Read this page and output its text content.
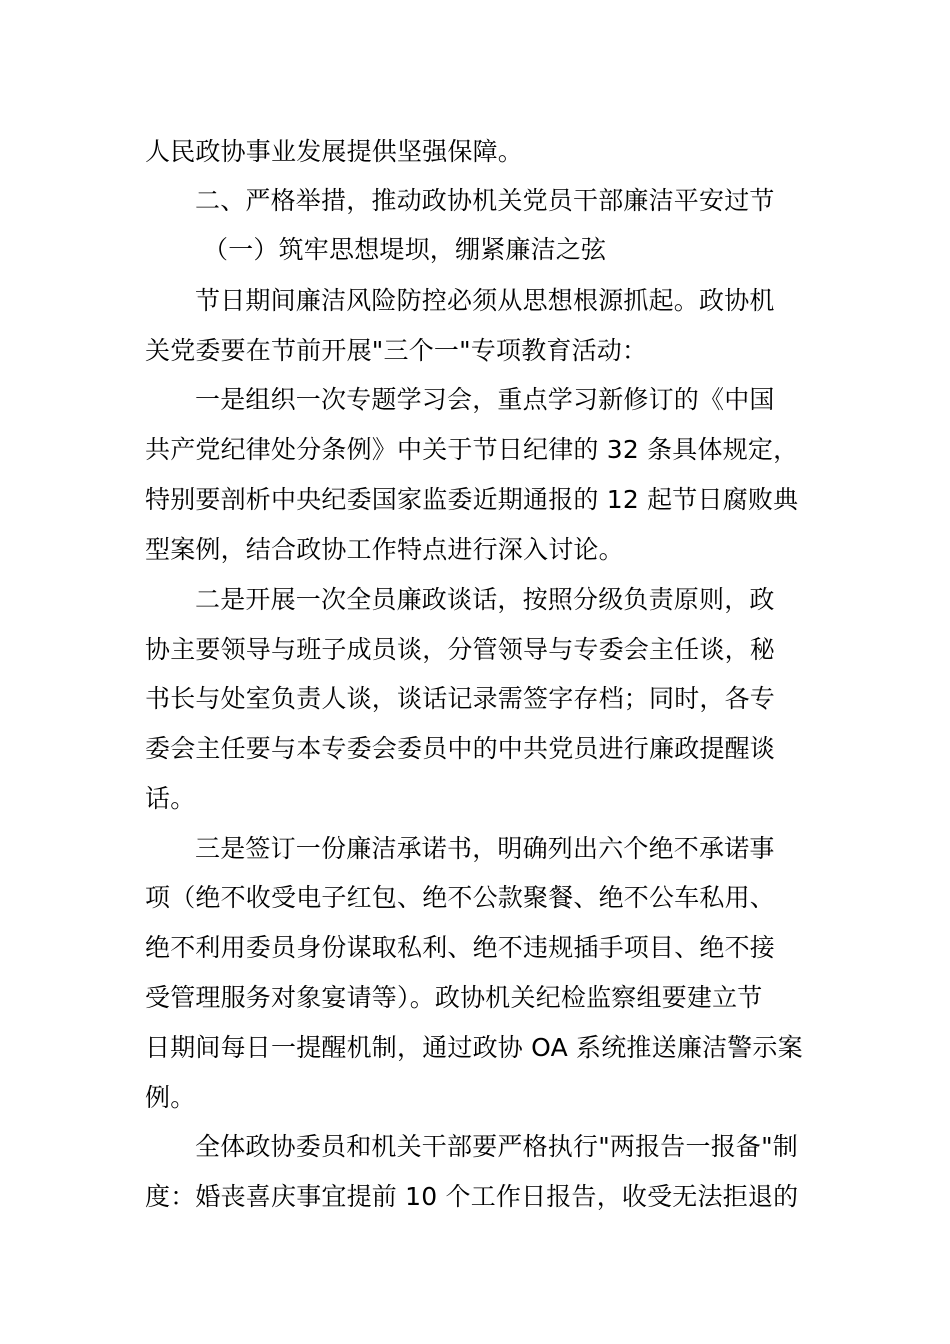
人民政协事业发展提供坚强保障。
二、严格举措，推动政协机关党员干部廉洁平安过节
（一）筑牢思想堤坝，绷紧廉洁之弦
节日期间廉洁风险防控必须从思想根源抓起。政协机
关党委要在节前开展"三个一"专项教育活动：
一是组织一次专题学习会，重点学习新修订的《中国
共产党纪律处分条例》中关于节日纪律的 32 条具体规定，
特别要剖析中央纪委国家监委近期通报的 12 起节日腐败典
型案例，结合政协工作特点进行深入讨论。
二是开展一次全员廉政谈话，按照分级负责原则，政
协主要领导与班子成员谈，分管领导与专委会主任谈，秘
书长与处室负责人谈，谈话记录需签字存档；同时，各专
委会主任要与本专委会委员中的中共党员进行廉政提醒谈
话。
三是签订一份廉洁承诺书，明确列出六个绝不承诺事
项（绝不收受电子红包、绝不公款聚餐、绝不公车私用、
绝不利用委员身份谋取私利、绝不违规插手项目、绝不接
受管理服务对象宴请等）。政协机关纪检监察组要建立节
日期间每日一提醒机制，通过政协 OA 系统推送廉洁警示案
例。
全体政协委员和机关干部要严格执行"两报告一报备"制
度：婚丧喜庆事宜提前 10 个工作日报告，收受无法拒退的
